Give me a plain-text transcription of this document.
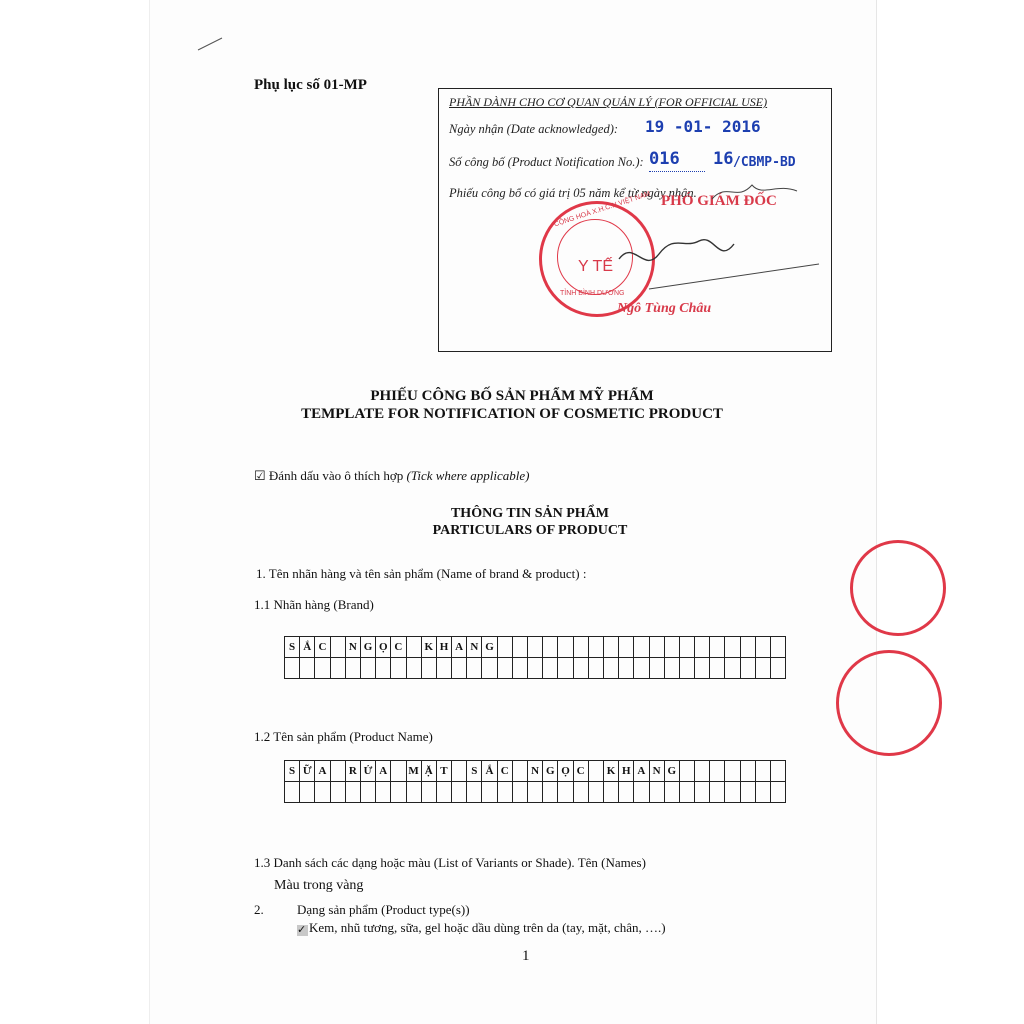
Phụ lục số 01-MP
PHẦN DÀNH CHO CƠ QUAN QUẢN LÝ (FOR OFFICIAL USE)
Ngày nhận (Date acknowledged): 19 -01- 2016
Số công bố (Product Notification No.): 016 16 /CBMP-BD
Phiếu công bố có giá trị 05 năm kể từ ngày nhận.
PHÓ GIÁM ĐỐC
Y TẾ
CỘNG HOÀ X.H.C.N VIỆT NAM
TỈNH BÌNH DƯƠNG
Ngô Tùng Châu
PHIẾU CÔNG BỐ SẢN PHẨM MỸ PHẨM
TEMPLATE FOR NOTIFICATION OF COSMETIC PRODUCT
☑ Đánh dấu vào ô thích hợp (Tick where applicable)
THÔNG TIN SẢN PHẨM
PARTICULARS OF PRODUCT
1. Tên nhãn hàng và tên sản phẩm (Name of brand & product) :
1.1 Nhãn hàng (Brand)
S	Ắ	C		N	G	Ọ	C		K	H	A	N	G																			

1.2 Tên sản phẩm (Product Name)
S	Ữ	A		R	Ử	A		M	Ặ	T		S	Ắ	C		N	G	Ọ	C		K	H	A	N	G							

1.3 Danh sách các dạng hoặc màu (List of Variants or Shade). Tên (Names)
Màu trong vàng
2.	Dạng sản phẩm (Product type(s))
✓ Kem, nhũ tương, sữa, gel hoặc dầu dùng trên da (tay, mặt, chân, ….)
1
